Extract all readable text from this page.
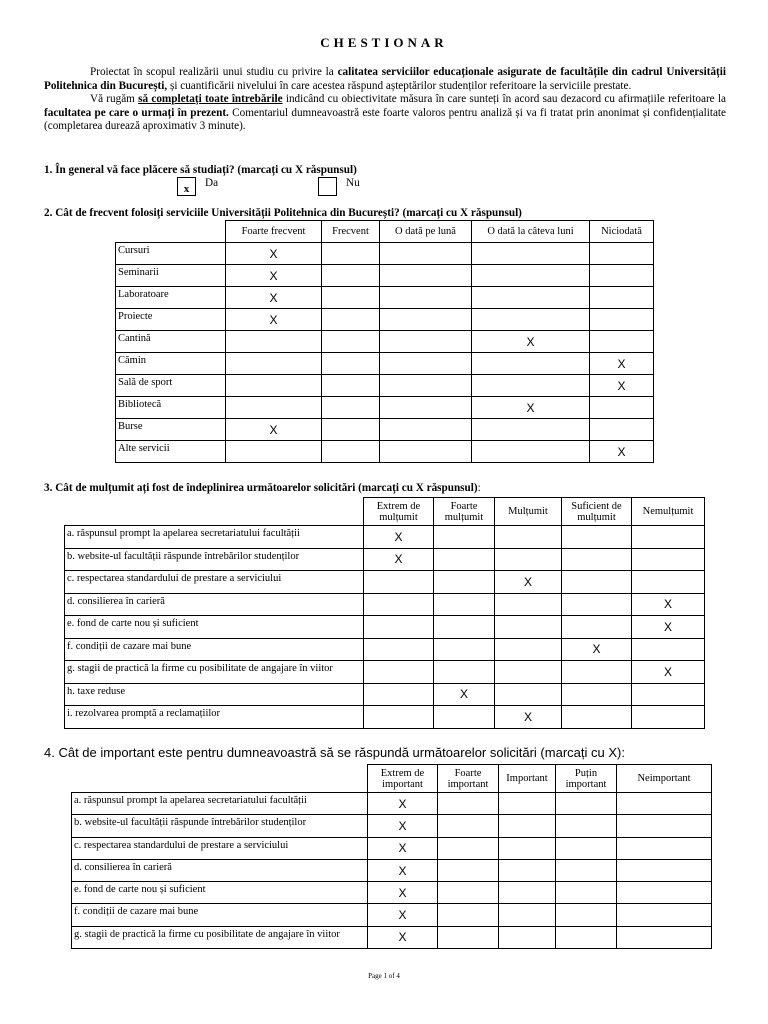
CHESTIONAR

Proiectat în scopul realizării unui studiu cu privire la calitatea serviciilor educaționale asigurate de facultățile din cadrul Universității Politehnica din București, și cuantificării nivelului în care acestea răspund așteptărilor studenților referitoare la serviciile prestate.

Vă rugăm să completați toate întrebările indicând cu obiectivitate măsura în care sunteți în acord sau dezacord cu afirmațiile referitoare la facultatea pe care o urmați în prezent. Comentariul dumneavoastră este foarte valoros pentru analiză și va fi tratat prin anonimat și confidențialitate (completarea durează aproximativ 3 minute).

1. În general vă face plăcere să studiați? (marcați cu X răspunsul)
x	Da	Nu
2. Cât de frecvent folosiți serviciile Universității Politehnica din București? (marcați cu X răspunsul)
	Foarte frecvent	Frecvent	O dată pe lună	O dată la câteva luni	Niciodată
Cursuri	X				
Seminarii	X				
Laboratoare	X				
Proiecte	X				
Cantină				X	
Cămin					X
Sală de sport					X
Bibliotecă				X	
Burse	X				
Alte servicii					X
3. Cât de mulțumit ați fost de îndeplinirea următoarelor solicitări (marcați cu X răspunsul):
	Extrem de mulțumit	Foarte mulțumit	Mulțumit	Suficient de mulțumit	Nemulțumit
a. răspunsul prompt la apelarea secretariatului facultății	X				
b. website-ul facultății răspunde întrebărilor studenților	X				
c. respectarea standardului de prestare a serviciului			X		
d. consilierea în carieră					X
e. fond de carte nou și suficient					X
f. condiții de cazare mai bune				X	
g. stagii de practică la firme cu posibilitate de angajare în viitor					X
h. taxe reduse		X			
i. rezolvarea promptă a reclamațiilor			X		
4. Cât de important este pentru dumneavoastră să se răspundă următoarelor solicitări (marcați cu X):
	Extrem de important	Foarte important	Important	Puțin important	Neimportant
a. răspunsul prompt la apelarea secretariatului facultății	X				
b. website-ul facultății răspunde întrebărilor studenților	X				
c. respectarea standardului de prestare a serviciului	X				
d. consilierea în carieră	X				
e. fond de carte nou și suficient	X				
f. condiții de cazare mai bune	X				
g. stagii de practică la firme cu posibilitate de angajare în viitor	X				
Page 1 of 4
